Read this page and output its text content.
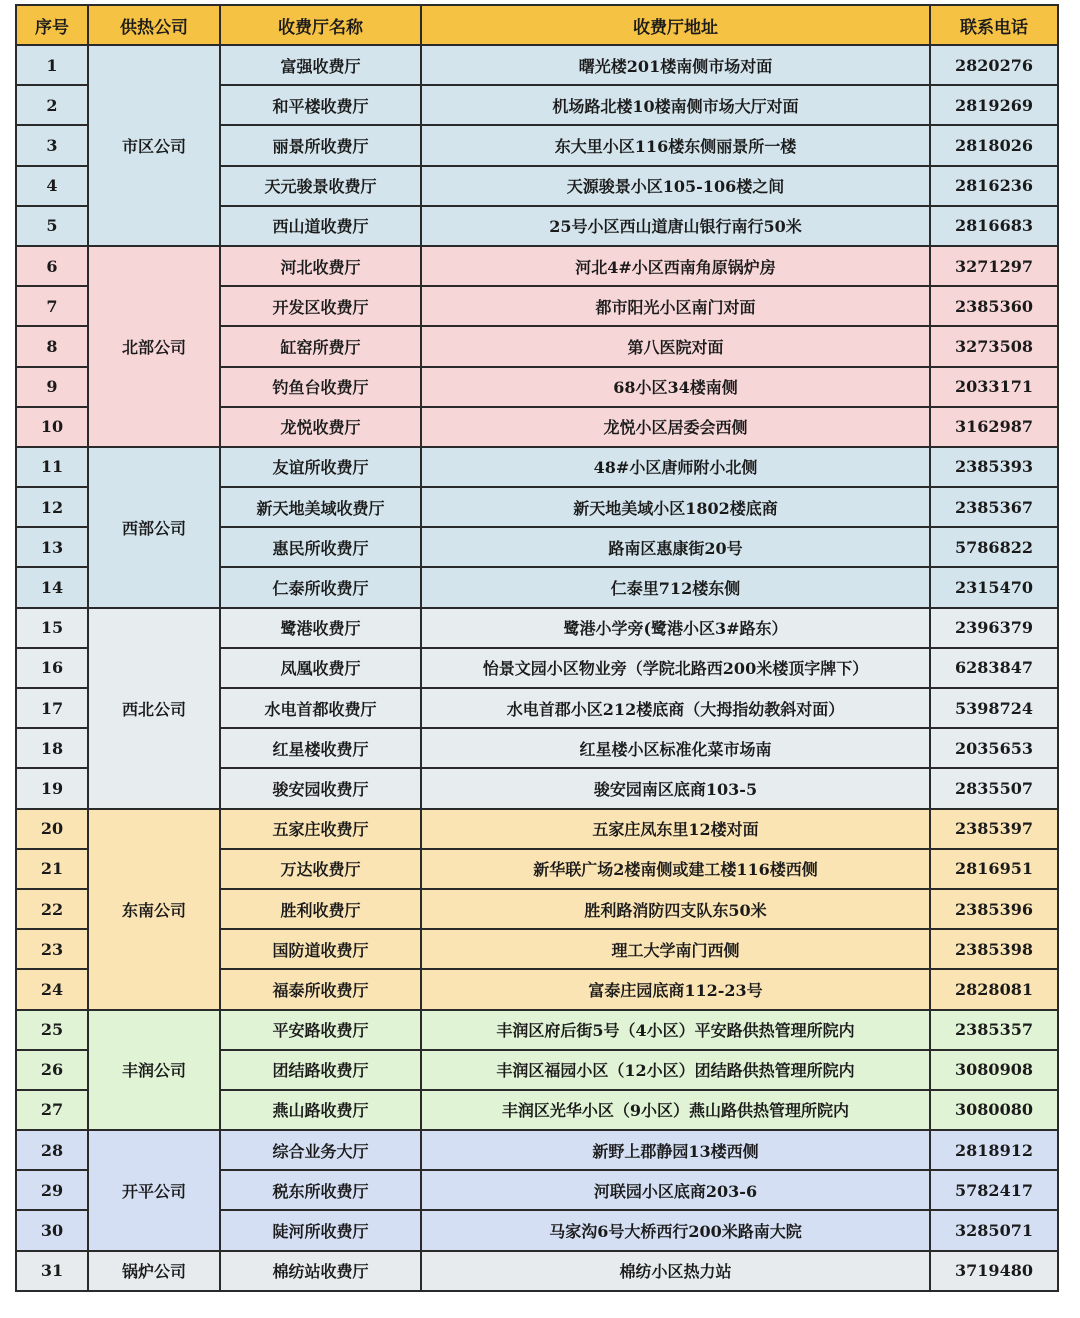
序号	供热公司	收费厅名称	收费厅地址	联系电话
1	市区公司	富强收费厅	曙光楼201楼南侧市场对面	2820276
2		和平楼收费厅	机场路北楼10楼南侧市场大厅对面	2819269
3		丽景所收费厅	东大里小区116楼东侧丽景所一楼	2818026
4		天元骏景收费厅	天源骏景小区105-106楼之间	2816236
5		西山道收费厅	25号小区西山道唐山银行南行50米	2816683
6	北部公司	河北收费厅	河北4#小区西南角原锅炉房	3271297
7		开发区收费厅	都市阳光小区南门对面	2385360
8		缸窑所费厅	第八医院对面	3273508
9		钓鱼台收费厅	68小区34楼南侧	2033171
10		龙悦收费厅	龙悦小区居委会西侧	3162987
11	西部公司	友谊所收费厅	48#小区唐师附小北侧	2385393
12		新天地美域收费厅	新天地美域小区1802楼底商	2385367
13		惠民所收费厅	路南区惠康街20号	5786822
14		仁泰所收费厅	仁泰里712楼东侧	2315470
15	西北公司	鹭港收费厅	鹭港小学旁(鹭港小区3#路东）	2396379
16		凤凰收费厅	怡景文园小区物业旁（学院北路西200米楼顶字牌下）	6283847
17		水电首都收费厅	水电首郡小区212楼底商（大拇指幼教斜对面）	5398724
18		红星楼收费厅	红星楼小区标准化菜市场南	2035653
19		骏安园收费厅	骏安园南区底商103-5	2835507
20	东南公司	五家庄收费厅	五家庄凤东里12楼对面	2385397
21		万达收费厅	新华联广场2楼南侧或建工楼116楼西侧	2816951
22		胜利收费厅	胜利路消防四支队东50米	2385396
23		国防道收费厅	理工大学南门西侧	2385398
24		福泰所收费厅	富泰庄园底商112-23号	2828081
25	丰润公司	平安路收费厅	丰润区府后街5号（4小区）平安路供热管理所院内	2385357
26		团结路收费厅	丰润区福园小区（12小区）团结路供热管理所院内	3080908
27		燕山路收费厅	丰润区光华小区（9小区）燕山路供热管理所院内	3080080
28	开平公司	综合业务大厅	新野上郡静园13楼西侧	2818912
29		税东所收费厅	河联园小区底商203-6	5782417
30		陡河所收费厅	马家沟6号大桥西行200米路南大院	3285071
31	锅炉公司	棉纺站收费厅	棉纺小区热力站	3719480
